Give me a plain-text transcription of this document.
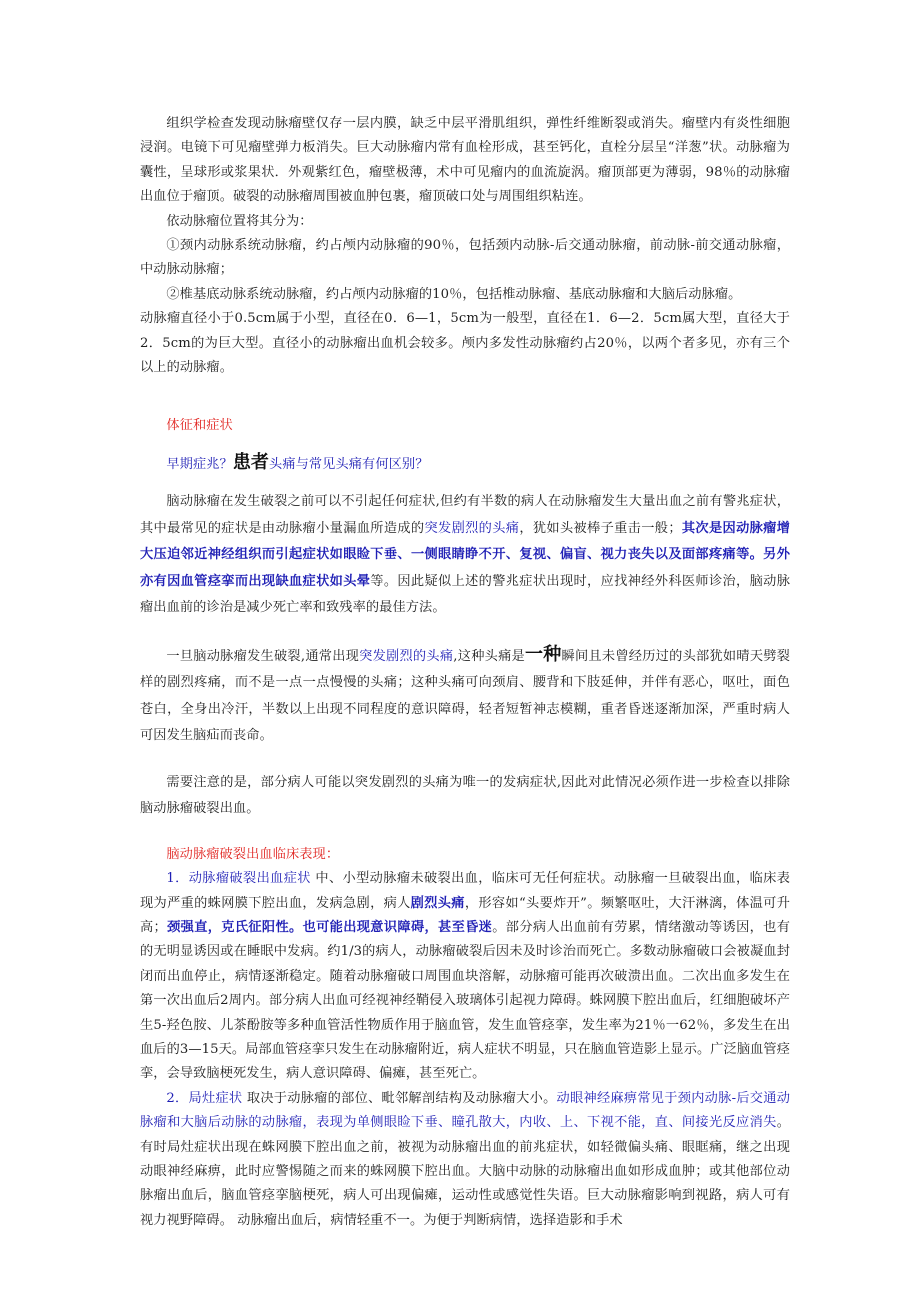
组织学检查发现动脉瘤壁仅存一层内膜，缺乏中层平滑肌组织，弹性纤维断裂或消失。瘤壁内有炎性细胞浸润。电镜下可见瘤壁弹力板消失。巨大动脉瘤内常有血栓形成，甚至钙化，直栓分层呈“洋葱”状。动脉瘤为囊性，呈球形或浆果状．外观紫红色，瘤壁极薄，术中可见瘤内的血流旋涡。瘤顶部更为薄弱，98％的动脉瘤出血位于瘤顶。破裂的动脉瘤周围被血肿包裹，瘤顶破口处与周围组织粘连。

依动脉瘤位置将其分为：

①颈内动脉系统动脉瘤，约占颅内动脉瘤的90％，包括颈内动脉-后交通动脉瘤，前动脉-前交通动脉瘤，中动脉动脉瘤；

②椎基底动脉系统动脉瘤，约占颅内动脉瘤的10％，包括椎动脉瘤、基底动脉瘤和大脑后动脉瘤。

动脉瘤直径小于0.5cm属于小型，直径在0．6—1，5cm为一般型，直径在1．6—2．5cm属大型，直径大于2．5cm的为巨大型。直径小的动脉瘤出血机会较多。颅内多发性动脉瘤约占20％，以两个者多见，亦有三个以上的动脉瘤。

体征和症状

早期症兆？患者头痛与常见头痛有何区别？

脑动脉瘤在发生破裂之前可以不引起任何症状,但约有半数的病人在动脉瘤发生大量出血之前有警兆症状，其中最常见的症状是由动脉瘤小量漏血所造成的突发剧烈的头痛，犹如头被棒子重击一般；其次是因动脉瘤增大压迫邻近神经组织而引起症状如眼睑下垂、一侧眼睛睁不开、复视、偏盲、视力丧失以及面部疼痛等。另外亦有因血管痉挛而出现缺血症状如头晕等。因此疑似上述的警兆症状出现时，应找神经外科医师诊治，脑动脉瘤出血前的诊治是减少死亡率和致残率的最佳方法。

一旦脑动脉瘤发生破裂,通常出现突发剧烈的头痛,这种头痛是一种瞬间且未曾经历过的头部犹如晴天劈裂样的剧烈疼痛，而不是一点一点慢慢的头痛；这种头痛可向颈肩、腰背和下肢延伸，并伴有恶心，呕吐，面色苍白，全身出冷汗，半数以上出现不同程度的意识障碍，轻者短暂神志模糊，重者昏迷逐渐加深，严重时病人可因发生脑疝而丧命。

需要注意的是，部分病人可能以突发剧烈的头痛为唯一的发病症状,因此对此情况必须作进一步检查以排除脑动脉瘤破裂出血。

脑动脉瘤破裂出血临床表现：

1．动脉瘤破裂出血症状 中、小型动脉瘤未破裂出血，临床可无任何症状。动脉瘤一旦破裂出血，临床表现为严重的蛛网膜下腔出血，发病急剧，病人剧烈头痛，形容如“头要炸开”。频繁呕吐，大汗淋漓，体温可升高；颈强直，克氏征阳性。也可能出现意识障碍，甚至昏迷。部分病人出血前有劳累，情绪激动等诱因，也有的无明显诱因或在睡眠中发病。约1/3的病人，动脉瘤破裂后因未及时诊治而死亡。多数动脉瘤破口会被凝血封闭而出血停止，病情逐渐稳定。随着动脉瘤破口周围血块溶解，动脉瘤可能再次破溃出血。二次出血多发生在第一次出血后2周内。部分病人出血可经视神经鞘侵入玻璃体引起视力障碍。蛛网膜下腔出血后，红细胞破坏产生5-羟色胺、儿茶酚胺等多种血管活性物质作用于脑血管，发生血管痉挛，发生率为21％一62％，多发生在出血后的3—15天。局部血管痉挛只发生在动脉瘤附近，病人症状不明显，只在脑血管造影上显示。广泛脑血管痉挛，会导致脑梗死发生，病人意识障碍、偏瘫，甚至死亡。

2．局灶症状 取决于动脉瘤的部位、毗邻解剖结构及动脉瘤大小。动眼神经麻痹常见于颈内动脉-后交通动脉瘤和大脑后动脉的动脉瘤，表现为单侧眼睑下垂、瞳孔散大，内收、上、下视不能，直、间接光反应消失。有时局灶症状出现在蛛网膜下腔出血之前，被视为动脉瘤出血的前兆症状，如轻微偏头痛、眼眶痛，继之出现动眼神经麻痹，此时应警惕随之而来的蛛网膜下腔出血。大脑中动脉的动脉瘤出血如形成血肿；或其他部位动脉瘤出血后，脑血管痉挛脑梗死，病人可出现偏瘫，运动性或感觉性失语。巨大动脉瘤影响到视路，病人可有视力视野障碍。 动脉瘤出血后，病情轻重不一。为便于判断病情，选择造影和手术
